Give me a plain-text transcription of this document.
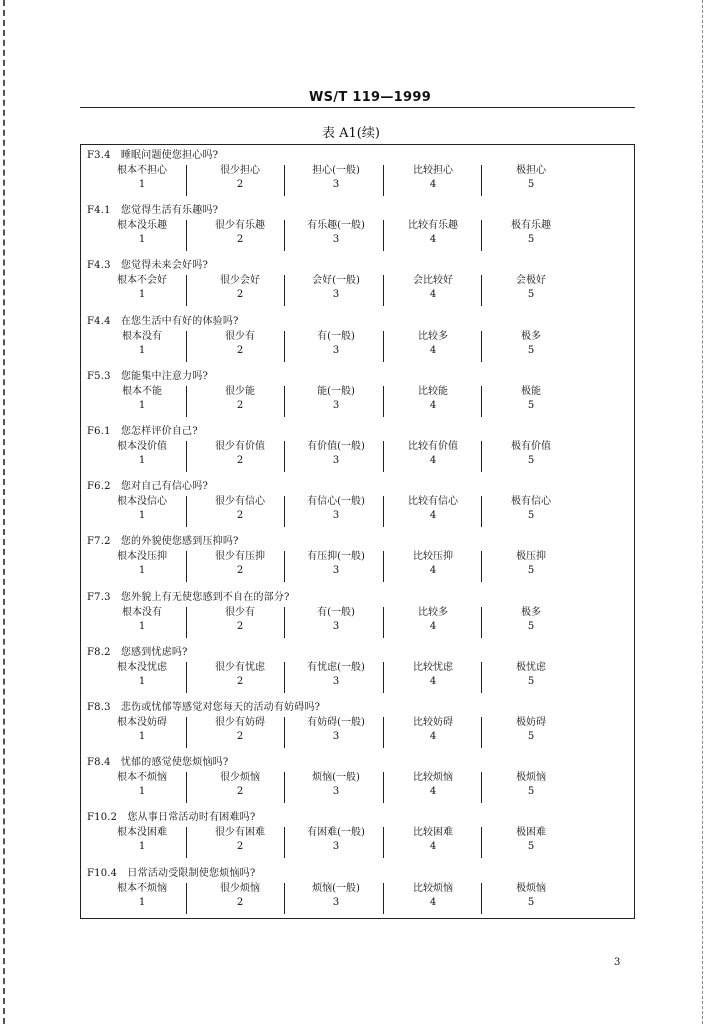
WS/T 119—1999
表 A1(续)
F3.4  睡眠问题使您担心吗?
根本不担心
1
很少担心
2
担心(一般)
3
比较担心
4
极担心
5
F4.1  您觉得生活有乐趣吗?
根本没乐趣
1
很少有乐趣
2
有乐趣(一般)
3
比较有乐趣
4
极有乐趣
5
F4.3  您觉得未来会好吗?
根本不会好
1
很少会好
2
会好(一般)
3
会比较好
4
会极好
5
F4.4  在您生活中有好的体验吗?
根本没有
1
很少有
2
有(一般)
3
比较多
4
极多
5
F5.3  您能集中注意力吗?
根本不能
1
很少能
2
能(一般)
3
比较能
4
极能
5
F6.1  您怎样评价自己?
根本没价值
1
很少有价值
2
有价值(一般)
3
比较有价值
4
极有价值
5
F6.2  您对自己有信心吗?
根本没信心
1
很少有信心
2
有信心(一般)
3
比较有信心
4
极有信心
5
F7.2  您的外貌使您感到压抑吗?
根本没压抑
1
很少有压抑
2
有压抑(一般)
3
比较压抑
4
极压抑
5
F7.3  您外貌上有无使您感到不自在的部分?
根本没有
1
很少有
2
有(一般)
3
比较多
4
极多
5
F8.2  您感到忧虑吗?
根本没忧虑
1
很少有忧虑
2
有忧虑(一般)
3
比较忧虑
4
极忧虑
5
F8.3  悲伤或忧郁等感觉对您每天的活动有妨碍吗?
根本没妨碍
1
很少有妨碍
2
有妨碍(一般)
3
比较妨碍
4
极妨碍
5
F8.4  忧郁的感觉使您烦恼吗?
根本不烦恼
1
很少烦恼
2
烦恼(一般)
3
比较烦恼
4
极烦恼
5
F10.2  您从事日常活动时有困难吗?
根本没困难
1
很少有困难
2
有困难(一般)
3
比较困难
4
极困难
5
F10.4  日常活动受限制使您烦恼吗?
根本不烦恼
1
很少烦恼
2
烦恼(一般)
3
比较烦恼
4
极烦恼
5
3
